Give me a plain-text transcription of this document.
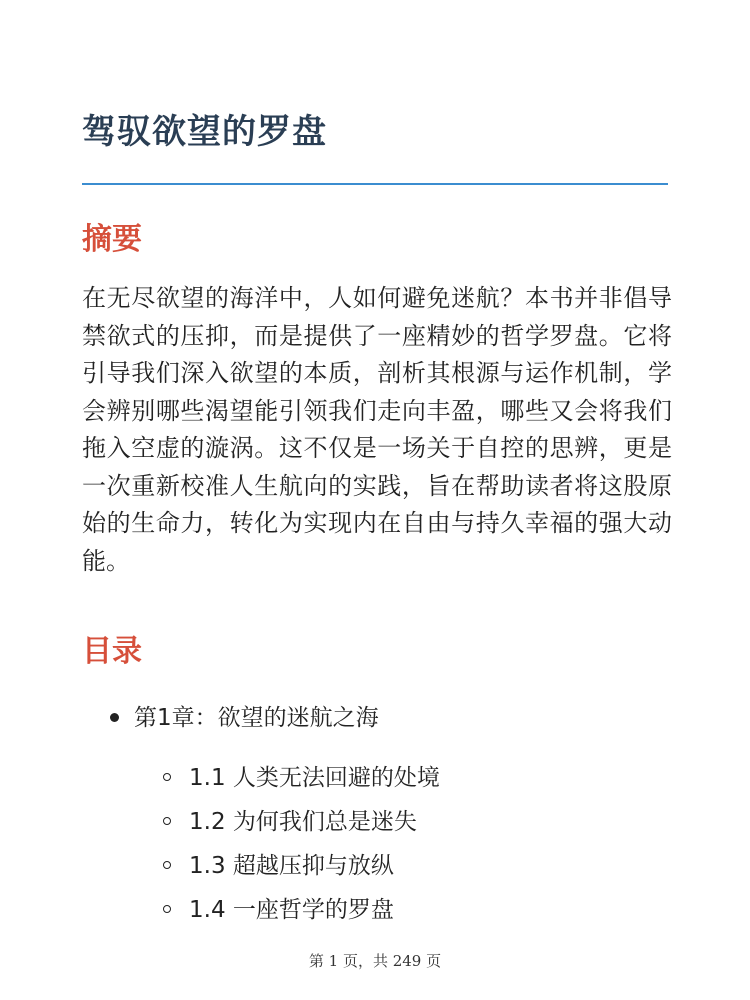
驾驭欲望的罗盘
摘要

在无尽欲望的海洋中，人如何避免迷航？本书并非倡导禁欲式的压抑，而是提供了一座精妙的哲学罗盘。它将引导我们深入欲望的本质，剖析其根源与运作机制，学会辨别哪些渴望能引领我们走向丰盈，哪些又会将我们拖入空虚的漩涡。这不仅是一场关于自控的思辨，更是一次重新校准人生航向的实践，旨在帮助读者将这股原始的生命力，转化为实现内在自由与持久幸福的强大动能。

目录
第1章：欲望的迷航之海
1.1 人类无法回避的处境
1.2 为何我们总是迷失
1.3 超越压抑与放纵
1.4 一座哲学的罗盘
第 1 页，共 249 页
